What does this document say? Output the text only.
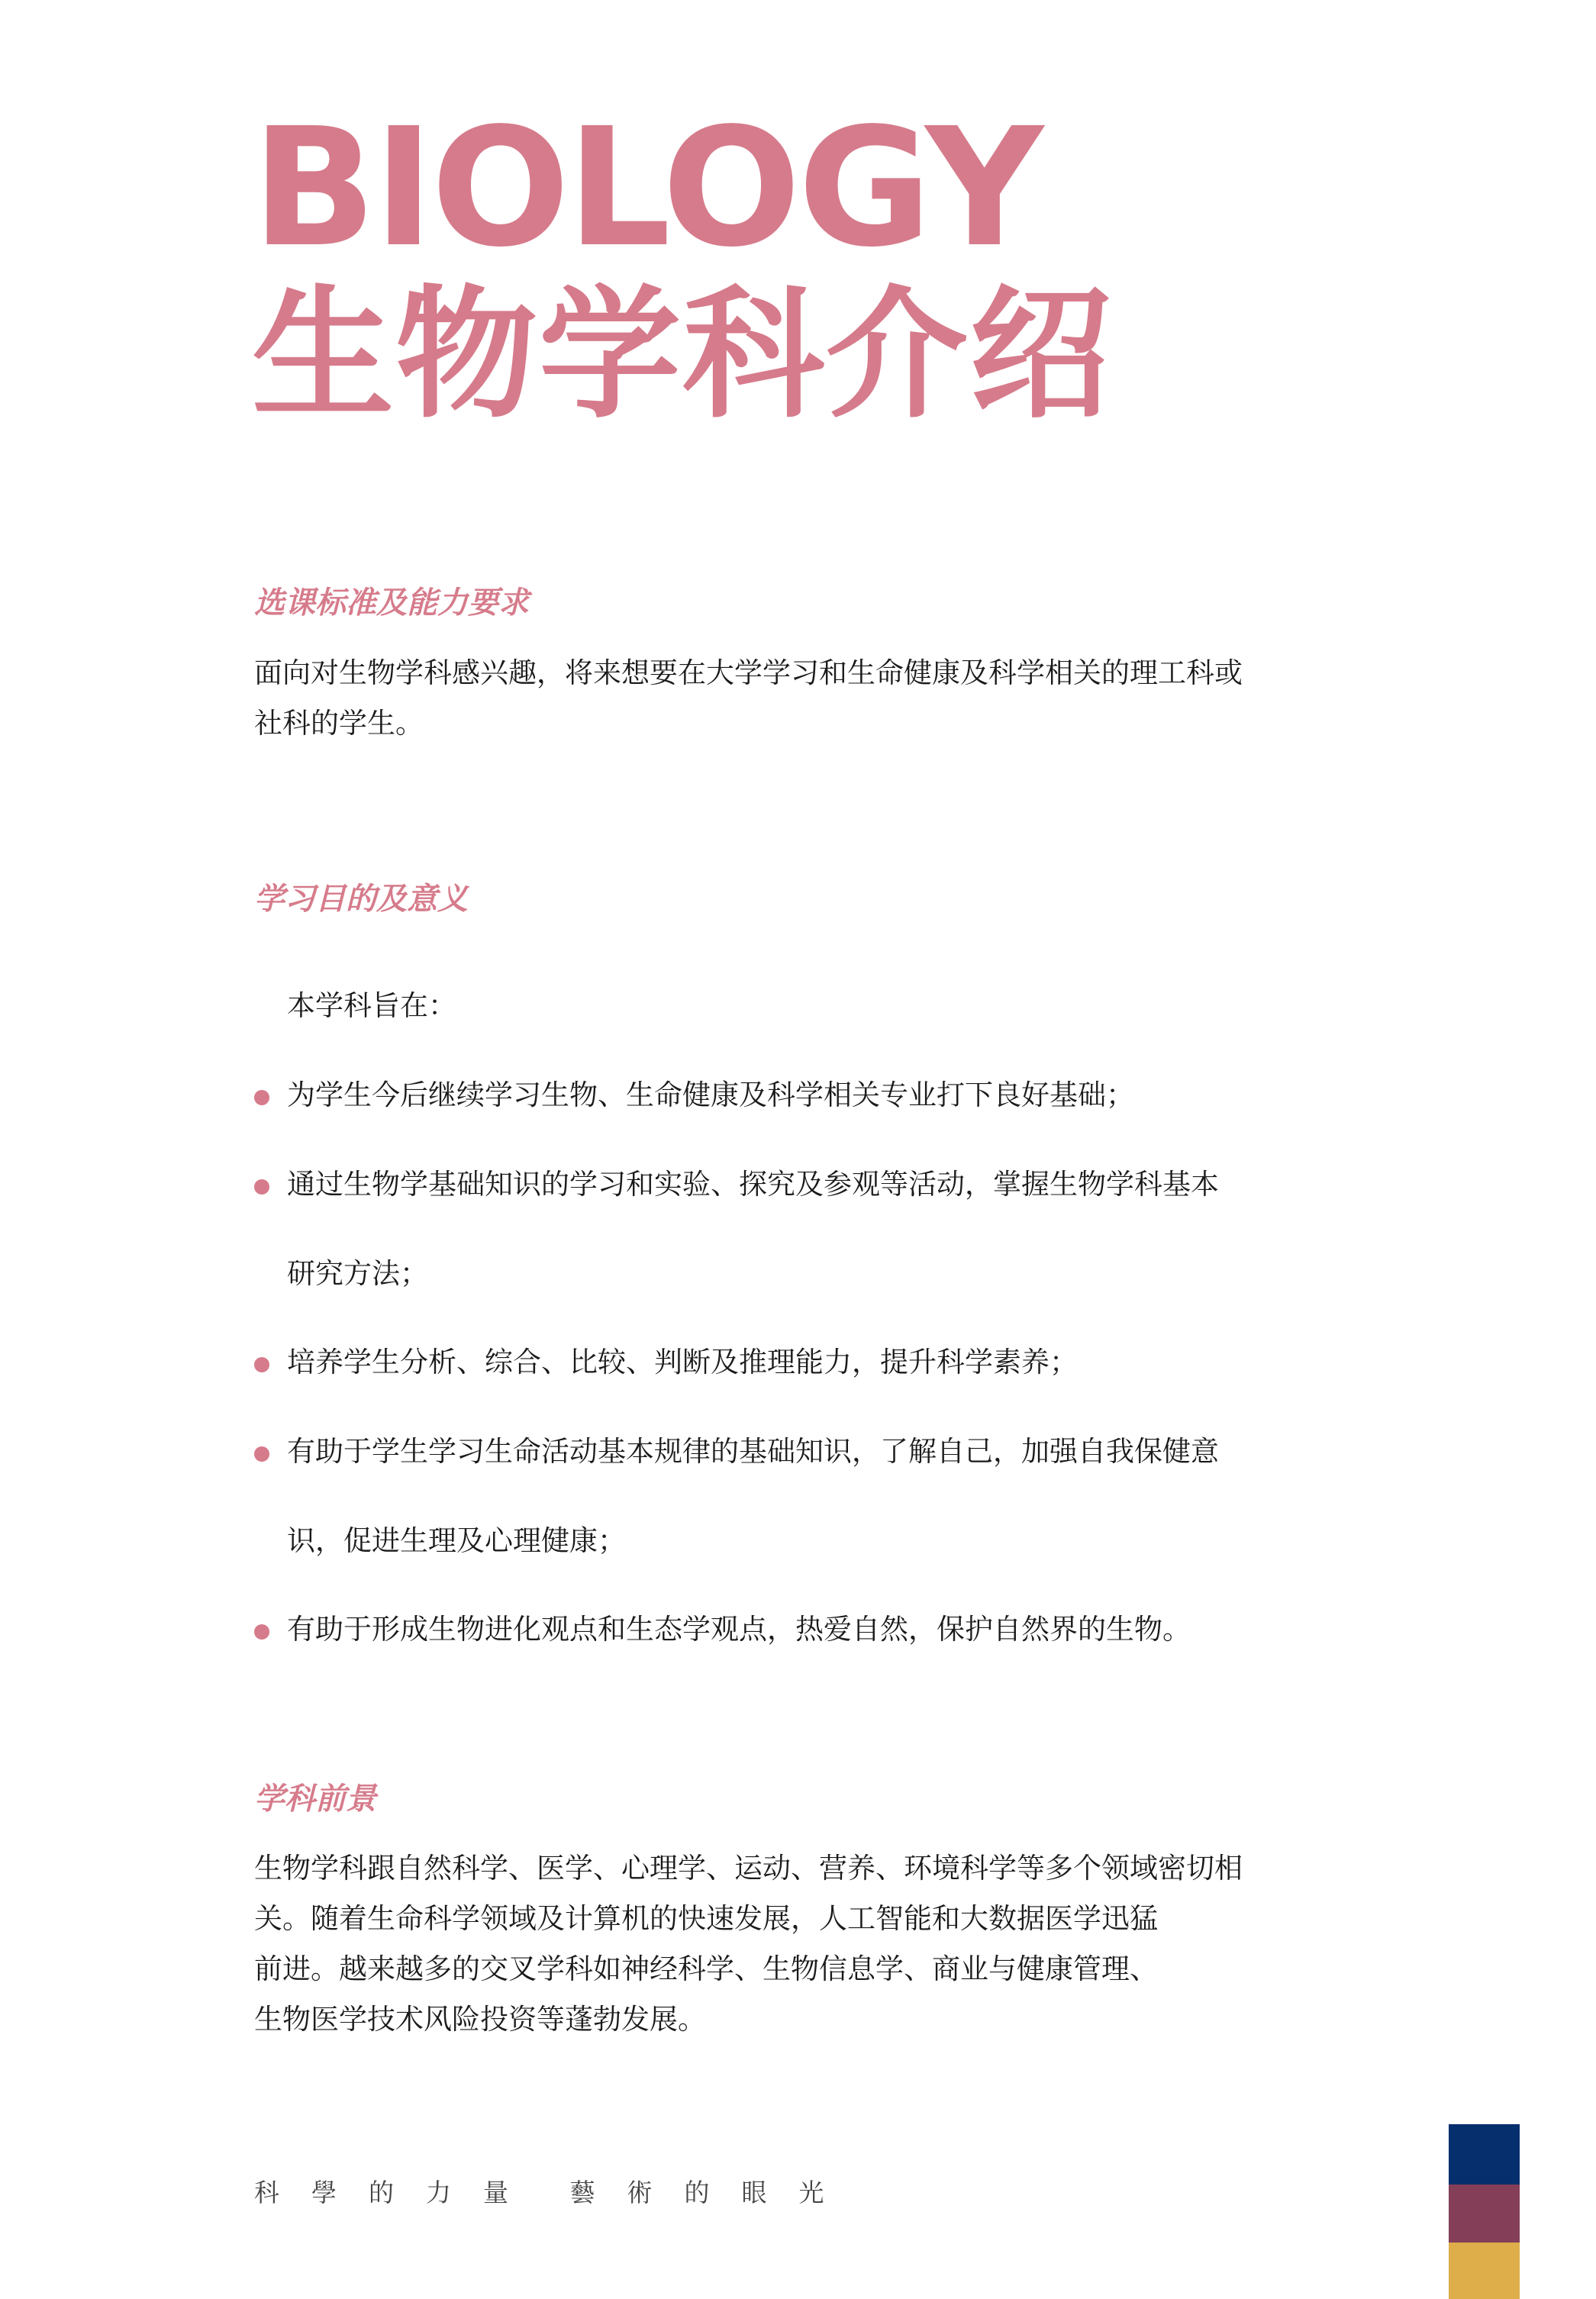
BIOLOGY
生物学科介绍
选课标准及能力要求
面向对生物学科感兴趣，将来想要在大学学习和生命健康及科学相关的理工科或
社科的学生。
学习目的及意义
本学科旨在：
为学生今后继续学习生物、生命健康及科学相关专业打下良好基础；
通过生物学基础知识的学习和实验、探究及参观等活动，掌握生物学科基本
研究方法；
培养学生分析、综合、比较、判断及推理能力，提升科学素养；
有助于学生学习生命活动基本规律的基础知识，了解自己，加强自我保健意
识，促进生理及心理健康；
有助于形成生物进化观点和生态学观点，热爱自然，保护自然界的生物。
学科前景
生物学科跟自然科学、医学、心理学、运动、营养、环境科学等多个领域密切相
关。随着生命科学领域及计算机的快速发展，人工智能和大数据医学迅猛
前进。越来越多的交叉学科如神经科学、生物信息学、商业与健康管理、
生物医学技术风险投资等蓬勃发展。
科學的力量 藝術的眼光
